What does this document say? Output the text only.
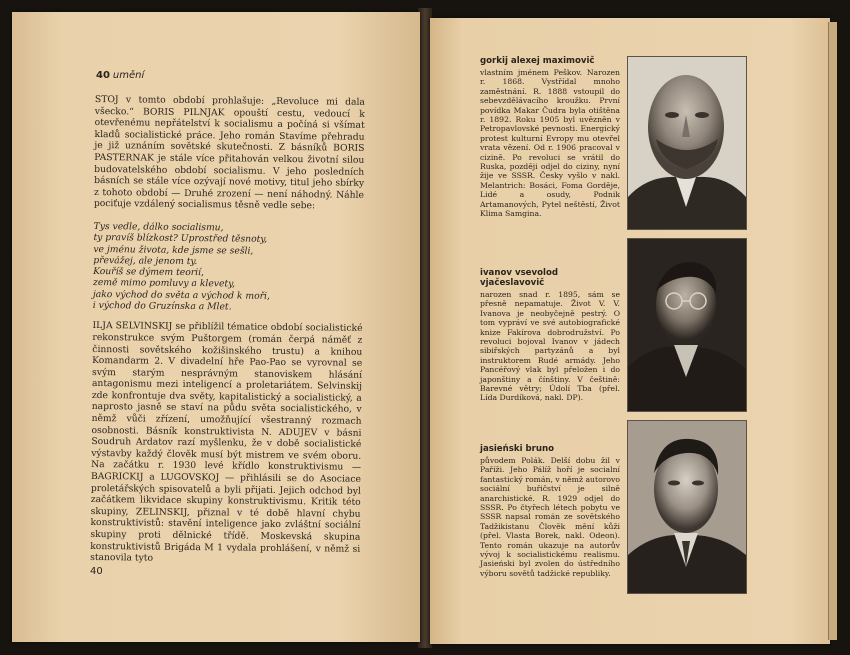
40 umění

STOJ v tomto období prohlašuje: „Revoluce mi dala všecko.“ BORIS PILNJAK opouští cestu, vedoucí k otevřenému nepřátelství k socialismu a počíná si všímat kladů socialistické práce. Jeho román Stavíme přehradu je již uznáním sovětské skutečnosti. Z básníků BORIS PASTERNAK je stále více přitahován velkou životní silou budovatelského období socialismu. V jeho posledních básních se stále více ozývají nové motivy, titul jeho sbírky z tohoto období — Druhé zrození — není náhodný. Náhle pociťuje vzdálený socialismus těsně vedle sebe:

Tys vedle, dálko socialismu,
ty pravíš blízkost? Uprostřed těsnoty,
ve jménu života, kde jsme se sešli,
převážej, ale jenom ty.
Kouříš se dýmem teorií,
země mimo pomluvy a klevety,
jako východ do světa a východ k moři,
i východ do Gruzínska a Mlet.

ILJA SELVINSKIJ se přiblížil tématice období socialistické rekonstrukce svým Puštorgem (román čerpá náměť z činnosti sovětského kožišinského trustu) a knihou Komandarm 2. V divadelní hře Pao-Pao se vyrovnal se svým starým nesprávným stanoviskem hlásání antagonismu mezi inteligencí a proletariátem. Selvinskij zde konfrontuje dva světy, kapitalistický a socialistický, a naprosto jasně se staví na půdu světa socialistického, v němž vůči zřízení, umožňující všestranný rozmach osobnosti. Básník konstruktivista N. ADUJEV v básni Soudruh Ardatov razí myšlenku, že v době socialistické výstavby každý člověk musí být mistrem ve svém oboru. Na začátku r. 1930 levé křídlo konstruktivismu — BAGRICKIJ a LUGOVSKOJ — přihlásili se do Asociace proletářských spisovatelů a byli přijati. Jejich odchod byl začátkem likvidace skupiny konstruktivismu. Kritik této skupiny, ZELINSKIJ, přiznal v té době hlavní chybu konstruktivistů: stavění inteligence jako zvláštní sociální skupiny proti dělnické třídě. Moskevská skupina konstruktivistů Brigáda M 1 vydala prohlášení, v němž si stanovila tyto

40
gorkij alexej maximovič
vlastním jménem Peškov. Narozen r. 1868. Vystřídal mnoho zaměstnání. R. 1888 vstoupil do sebevzdělávacího kroužku. První povídka Makar Čudra byla otištěna r. 1892. Roku 1905 byl uvězněn v Petropavlovské pevnosti. Energický protest kulturní Evropy mu otevřel vrata vězení. Od r. 1906 pracoval v cizině. Po revoluci se vrátil do Ruska, později odjel do ciziny, nyní žije ve SSSR. Česky vyšlo v nakl. Melantrich: Bosáci, Foma Gorděje, Lidé a osudy, Podnik Artamanových, Pytel neštěstí, Život Klima Samgina.
ivanov vsevolod vjačeslavovič
narozen snad r. 1895, sám se přesně nepamatuje. Život V. V. Ivanova je neobyčejně pestrý. O tom vypráví ve své autobiografické knize Fakírova dobrodružství. Po revoluci bojoval Ivanov v jádech sibiřských partyzánů a byl instruktorem Rudé armády. Jeho Pancéřový vlak byl přeložen i do japonštiny a čínštiny. V češtině: Barevné větry; Údolí Tba (přel. Lída Durdíková, nakl. DP).
jasieński bruno
původem Polák. Delší dobu žil v Paříži. Jeho Pálíž hoří je socialní fantastický román, v němž autorovo sociální buřičství je silně anarchistické. R. 1929 odjel do SSSR. Po čtyřech létech pobytu ve SSSR napsal román ze sovětského Tadžikistanu Člověk mění kůži (přel. Vlasta Borek, nakl. Odeon). Tento román ukazuje na autorův vývoj k socialistickému realismu. Jasieński byl zvolen do ústředního výboru sovětů tadžické republiky.
